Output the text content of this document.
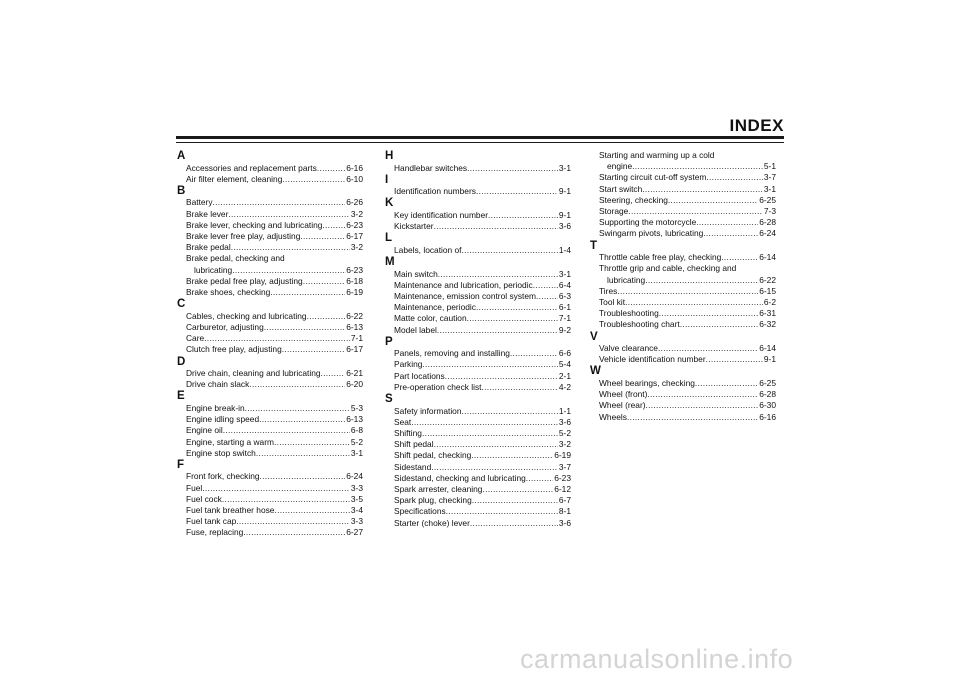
INDEX
A
Accessories and replacement parts .....	6-16
Air filter element, cleaning .....	6-10
B
Battery .....	6-26
Brake lever .....	3-2
Brake lever, checking and lubricating .....	6-23
Brake lever free play, adjusting .....	6-17
Brake pedal .....	3-2
Brake pedal, checking and
lubricating .....	6-23
Brake pedal free play, adjusting .....	6-18
Brake shoes, checking .....	6-19
C
Cables, checking and lubricating .....	6-22
Carburetor, adjusting .....	6-13
Care .....	7-1
Clutch free play, adjusting .....	6-17
D
Drive chain, cleaning and lubricating .....	6-21
Drive chain slack .....	6-20
E
Engine break-in .....	5-3
Engine idling speed .....	6-13
Engine oil .....	6-8
Engine, starting a warm .....	5-2
Engine stop switch .....	3-1
F
Front fork, checking .....	6-24
Fuel .....	3-3
Fuel cock .....	3-5
Fuel tank breather hose .....	3-4
Fuel tank cap .....	3-3
Fuse, replacing .....	6-27
H
Handlebar switches .....	3-1
I
Identification numbers .....	9-1
K
Key identification number .....	9-1
Kickstarter .....	3-6
L
Labels, location of .....	1-4
M
Main switch .....	3-1
Maintenance and lubrication, periodic .....	6-4
Maintenance, emission control system .....	6-3
Maintenance, periodic .....	6-1
Matte color, caution .....	7-1
Model label .....	9-2
P
Panels, removing and installing .....	6-6
Parking .....	5-4
Part locations .....	2-1
Pre-operation check list .....	4-2
S
Safety information .....	1-1
Seat .....	3-6
Shifting .....	5-2
Shift pedal .....	3-2
Shift pedal, checking .....	6-19
Sidestand .....	3-7
Sidestand, checking and lubricating .....	6-23
Spark arrester, cleaning .....	6-12
Spark plug, checking .....	6-7
Specifications .....	8-1
Starter (choke) lever .....	3-6
Starting and warming up a cold
engine .....	5-1
Starting circuit cut-off system .....	3-7
Start switch .....	3-1
Steering, checking .....	6-25
Storage .....	7-3
Supporting the motorcycle .....	6-28
Swingarm pivots, lubricating .....	6-24
T
Throttle cable free play, checking .....	6-14
Throttle grip and cable, checking and
lubricating .....	6-22
Tires .....	6-15
Tool kit .....	6-2
Troubleshooting .....	6-31
Troubleshooting chart .....	6-32
V
Valve clearance .....	6-14
Vehicle identification number .....	9-1
W
Wheel bearings, checking .....	6-25
Wheel (front) .....	6-28
Wheel (rear) .....	6-30
Wheels .....	6-16
carmanualsonline.info
